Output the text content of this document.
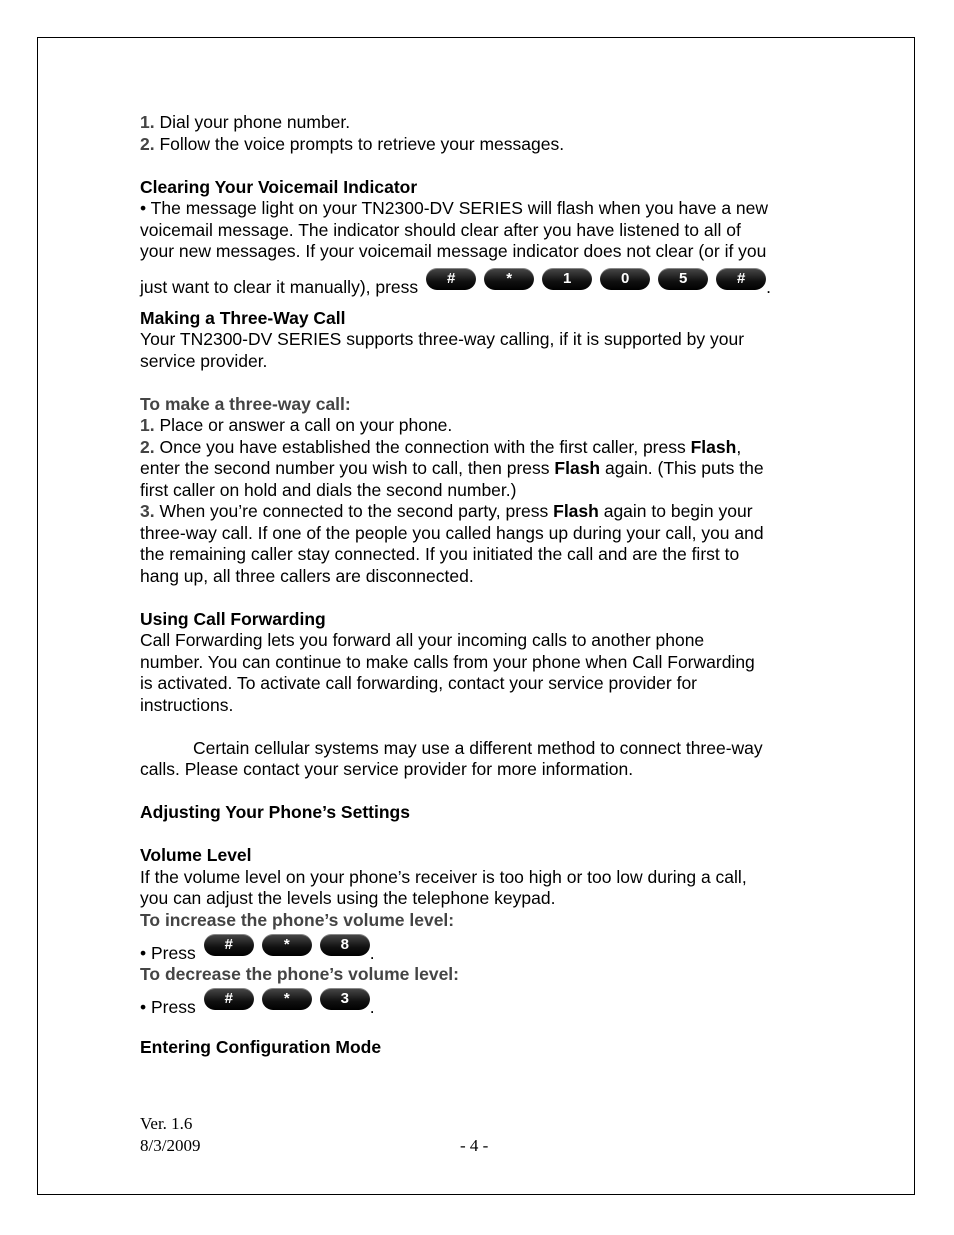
1. Dial your phone number.
2. Follow the voice prompts to retrieve your messages.
Clearing Your Voicemail Indicator
• The message light on your TN2300-DV SERIES will flash when you have a new
voicemail message. The indicator should clear after you have listened to all of
your new messages. If your voicemail message indicator does not clear (or if you
just want to clear it manually), press	#	*	1	0	5	#	.
Making a Three-Way Call
Your TN2300-DV SERIES supports three-way calling, if it is supported by your
service provider.
To make a three-way call:
1. Place or answer a call on your phone.
2. Once you have established the connection with the first caller, press Flash,
enter the second number you wish to call, then press Flash again. (This puts the
first caller on hold and dials the second number.)
3. When you’re connected to the second party, press Flash again to begin your
three-way call. If one of the people you called hangs up during your call, you and
the remaining caller stay connected. If you initiated the call and are the first to
hang up, all three callers are disconnected.
Using Call Forwarding
Call Forwarding lets you forward all your incoming calls to another phone
number. You can continue to make calls from your phone when Call Forwarding
is activated. To activate call forwarding, contact your service provider for
instructions.
Certain cellular systems may use a different method to connect three-way
calls. Please contact your service provider for more information.
Adjusting Your Phone’s Settings
Volume Level
If the volume level on your phone’s receiver is too high or too low during a call,
you can adjust the levels using the telephone keypad.
To increase the phone’s volume level:
• Press	#	*	8	.
To decrease the phone’s volume level:
• Press	#	*	3	.
Entering Configuration Mode
Ver. 1.6
8/3/2009	- 4 -
